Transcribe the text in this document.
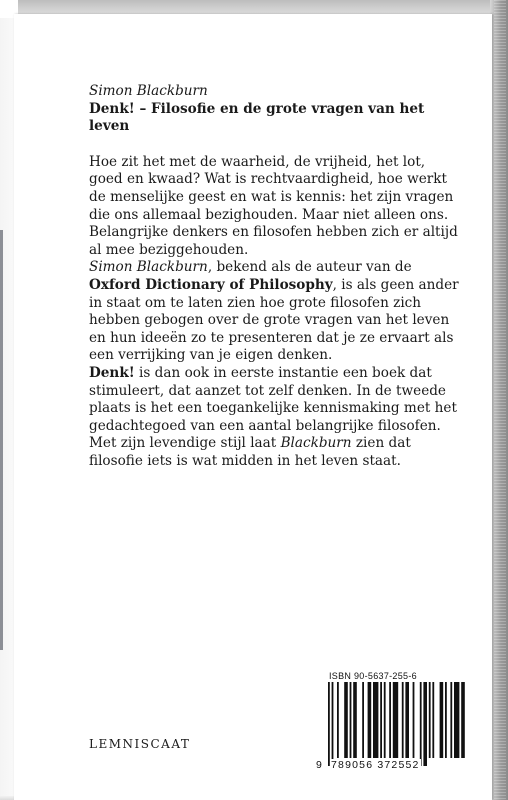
Simon Blackburn

Denk! – Filosofie en de grote vragen van het leven

Hoe zit het met de waarheid, de vrijheid, het lot, goed en kwaad? Wat is rechtvaardigheid, hoe werkt de menselijke geest en wat is kennis: het zijn vragen die ons allemaal bezighouden. Maar niet alleen ons. Belangrijke denkers en filosofen hebben zich er altijd al mee beziggehouden.

Simon Blackburn, bekend als de auteur van de Oxford Dictionary of Philosophy, is als geen ander in staat om te laten zien hoe grote filosofen zich hebben gebogen over de grote vragen van het leven en hun ideeën zo te presenteren dat je ze ervaart als een verrijking van je eigen denken.

Denk! is dan ook in eerste instantie een boek dat stimuleert, dat aanzet tot zelf denken. In de tweede plaats is het een toegankelijke kennismaking met het gedachtegoed van een aantal belangrijke filosofen.

Met zijn levendige stijl laat Blackburn zien dat filosofie iets is wat midden in het leven staat.

ISBN 90-5637-255-6
9 789056 372552
LEMNISCAAT
